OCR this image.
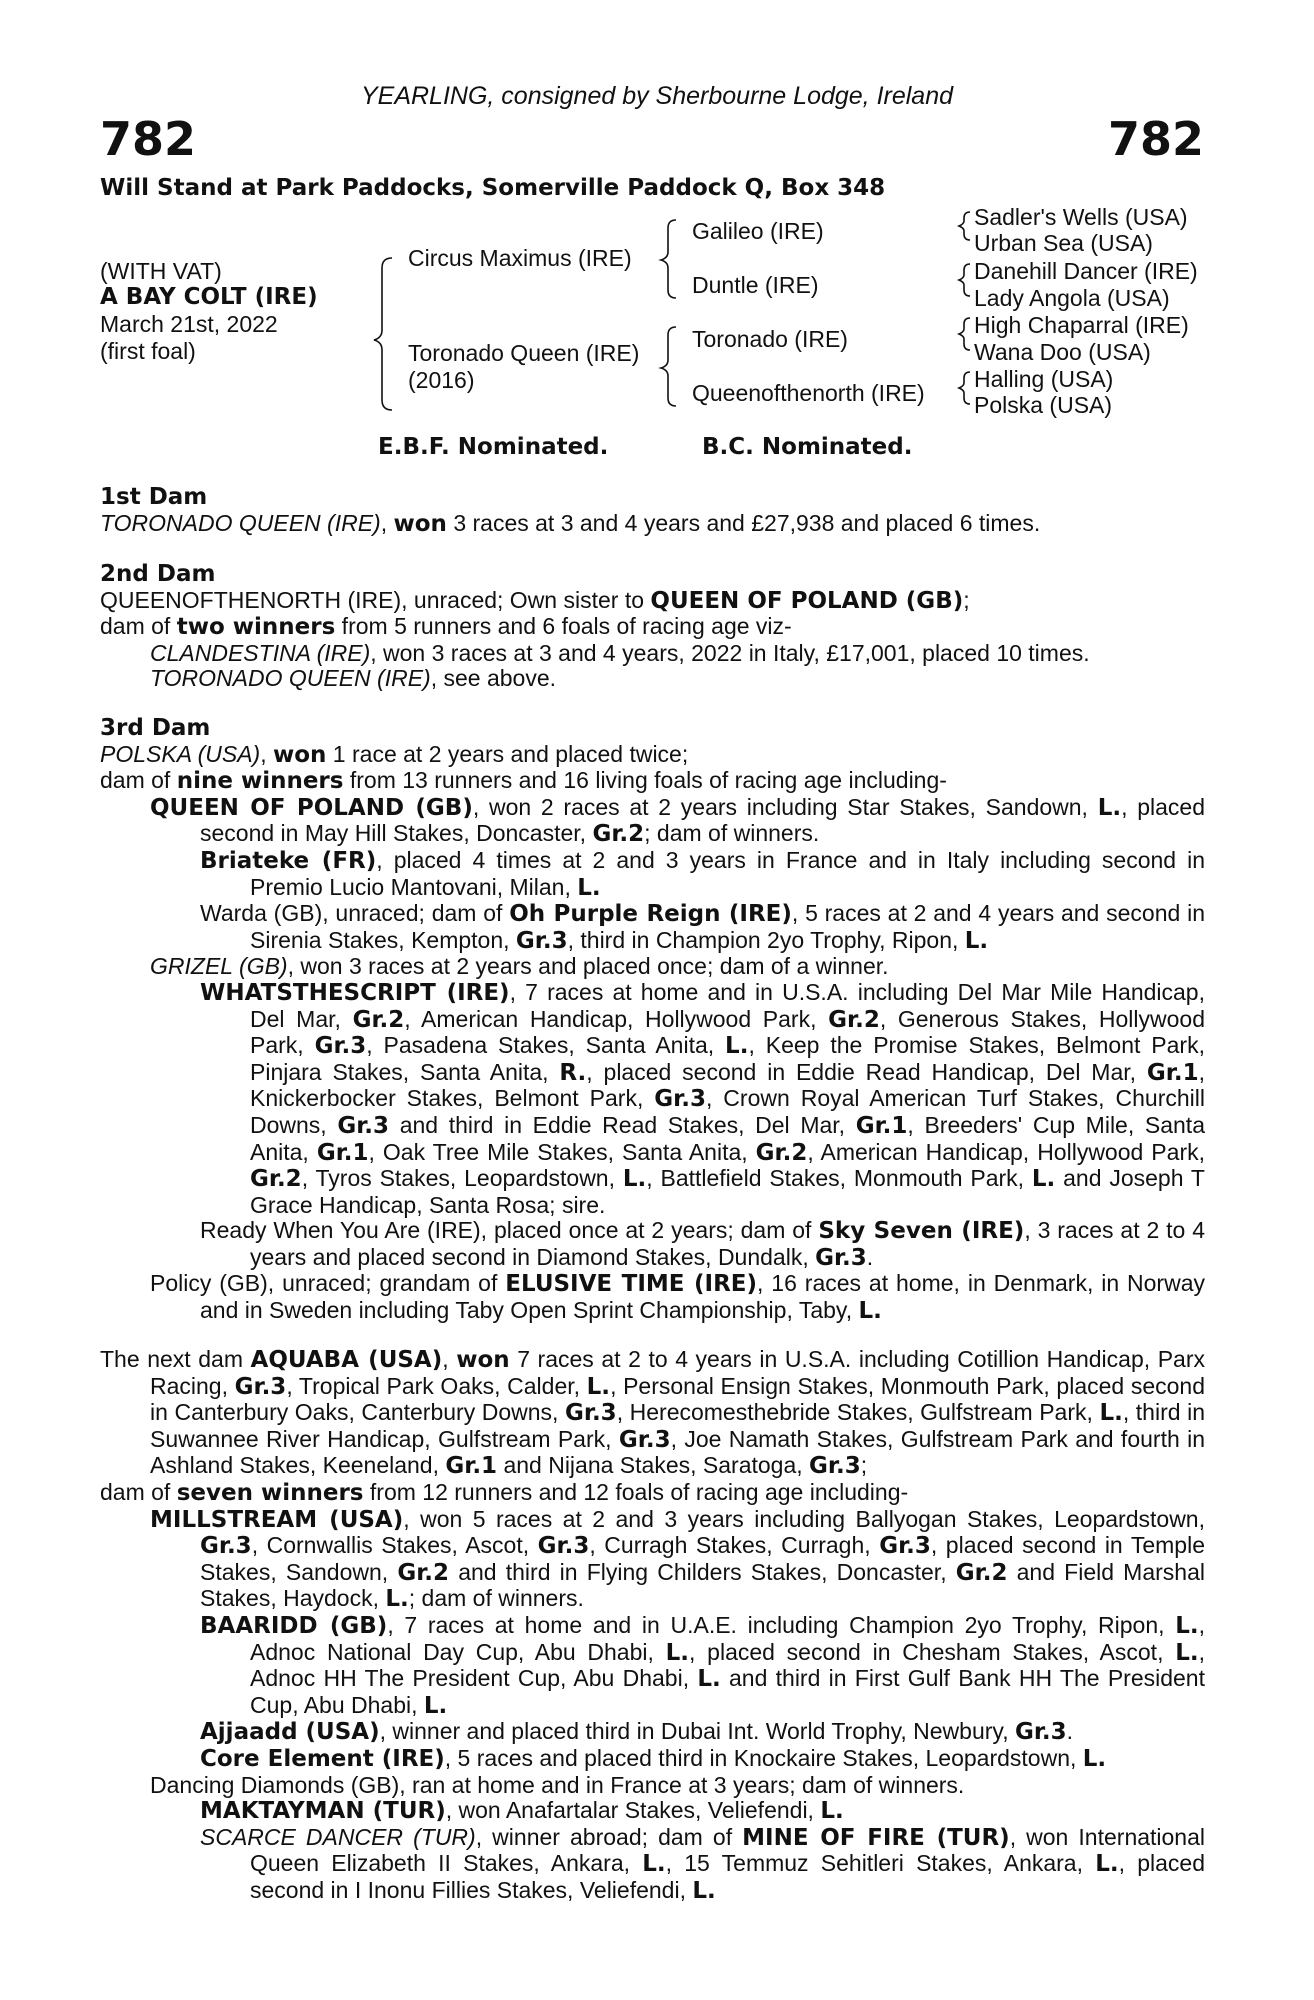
YEARLING, consigned by Sherbourne Lodge, Ireland
782	782
Will Stand at Park Paddocks, Somerville Paddock Q, Box 348
(WITH VAT)
A BAY COLT (IRE)
March 21st, 2022
(first foal)
Circus Maximus (IRE)
Toronado Queen (IRE)
(2016)
Galileo (IRE)
Duntle (IRE)
Toronado (IRE)
Queenofthenorth (IRE)
Sadler's Wells (USA)
Urban Sea (USA)
Danehill Dancer (IRE)
Lady Angola (USA)
High Chaparral (IRE)
Wana Doo (USA)
Halling (USA)
Polska (USA)
E.B.F. Nominated.	B.C. Nominated.

1st Dam

TORONADO QUEEN (IRE), won 3 races at 3 and 4 years and £27,938 and placed 6 times.

2nd Dam

QUEENOFTHENORTH (IRE), unraced; Own sister to QUEEN OF POLAND (GB);

dam of two winners from 5 runners and 6 foals of racing age viz-

CLANDESTINA (IRE), won 3 races at 3 and 4 years, 2022 in Italy, £17,001, placed 10 times.

TORONADO QUEEN (IRE), see above.

3rd Dam

POLSKA (USA), won 1 race at 2 years and placed twice;

dam of nine winners from 13 runners and 16 living foals of racing age including-

QUEEN OF POLAND (GB), won 2 races at 2 years including Star Stakes, Sandown, L., placed second in May Hill Stakes, Doncaster, Gr.2; dam of winners.

Briateke (FR), placed 4 times at 2 and 3 years in France and in Italy including second in Premio Lucio Mantovani, Milan, L.

Warda (GB), unraced; dam of Oh Purple Reign (IRE), 5 races at 2 and 4 years and second in Sirenia Stakes, Kempton, Gr.3, third in Champion 2yo Trophy, Ripon, L.

GRIZEL (GB), won 3 races at 2 years and placed once; dam of a winner.

WHATSTHESCRIPT (IRE), 7 races at home and in U.S.A. including Del Mar Mile Handicap, Del Mar, Gr.2, American Handicap, Hollywood Park, Gr.2, Generous Stakes, Hollywood Park, Gr.3, Pasadena Stakes, Santa Anita, L., Keep the Promise Stakes, Belmont Park, Pinjara Stakes, Santa Anita, R., placed second in Eddie Read Handicap, Del Mar, Gr.1, Knickerbocker Stakes, Belmont Park, Gr.3, Crown Royal American Turf Stakes, Churchill Downs, Gr.3 and third in Eddie Read Stakes, Del Mar, Gr.1, Breeders' Cup Mile, Santa Anita, Gr.1, Oak Tree Mile Stakes, Santa Anita, Gr.2, American Handicap, Hollywood Park, Gr.2, Tyros Stakes, Leopardstown, L., Battlefield Stakes, Monmouth Park, L. and Joseph T Grace Handicap, Santa Rosa; sire.

Ready When You Are (IRE), placed once at 2 years; dam of Sky Seven (IRE), 3 races at 2 to 4 years and placed second in Diamond Stakes, Dundalk, Gr.3.

Policy (GB), unraced; grandam of ELUSIVE TIME (IRE), 16 races at home, in Denmark, in Norway and in Sweden including Taby Open Sprint Championship, Taby, L.

The next dam AQUABA (USA), won 7 races at 2 to 4 years in U.S.A. including Cotillion Handicap, Parx Racing, Gr.3, Tropical Park Oaks, Calder, L., Personal Ensign Stakes, Monmouth Park, placed second in Canterbury Oaks, Canterbury Downs, Gr.3, Herecomesthebride Stakes, Gulfstream Park, L., third in Suwannee River Handicap, Gulfstream Park, Gr.3, Joe Namath Stakes, Gulfstream Park and fourth in Ashland Stakes, Keeneland, Gr.1 and Nijana Stakes, Saratoga, Gr.3;

dam of seven winners from 12 runners and 12 foals of racing age including-

MILLSTREAM (USA), won 5 races at 2 and 3 years including Ballyogan Stakes, Leopardstown, Gr.3, Cornwallis Stakes, Ascot, Gr.3, Curragh Stakes, Curragh, Gr.3, placed second in Temple Stakes, Sandown, Gr.2 and third in Flying Childers Stakes, Doncaster, Gr.2 and Field Marshal Stakes, Haydock, L.; dam of winners.

BAARIDD (GB), 7 races at home and in U.A.E. including Champion 2yo Trophy, Ripon, L., Adnoc National Day Cup, Abu Dhabi, L., placed second in Chesham Stakes, Ascot, L., Adnoc HH The President Cup, Abu Dhabi, L. and third in First Gulf Bank HH The President Cup, Abu Dhabi, L.

Ajjaadd (USA), winner and placed third in Dubai Int. World Trophy, Newbury, Gr.3.

Core Element (IRE), 5 races and placed third in Knockaire Stakes, Leopardstown, L.

Dancing Diamonds (GB), ran at home and in France at 3 years; dam of winners.

MAKTAYMAN (TUR), won Anafartalar Stakes, Veliefendi, L.

SCARCE DANCER (TUR), winner abroad; dam of MINE OF FIRE (TUR), won International Queen Elizabeth II Stakes, Ankara, L., 15 Temmuz Sehitleri Stakes, Ankara, L., placed second in I Inonu Fillies Stakes, Veliefendi, L.
